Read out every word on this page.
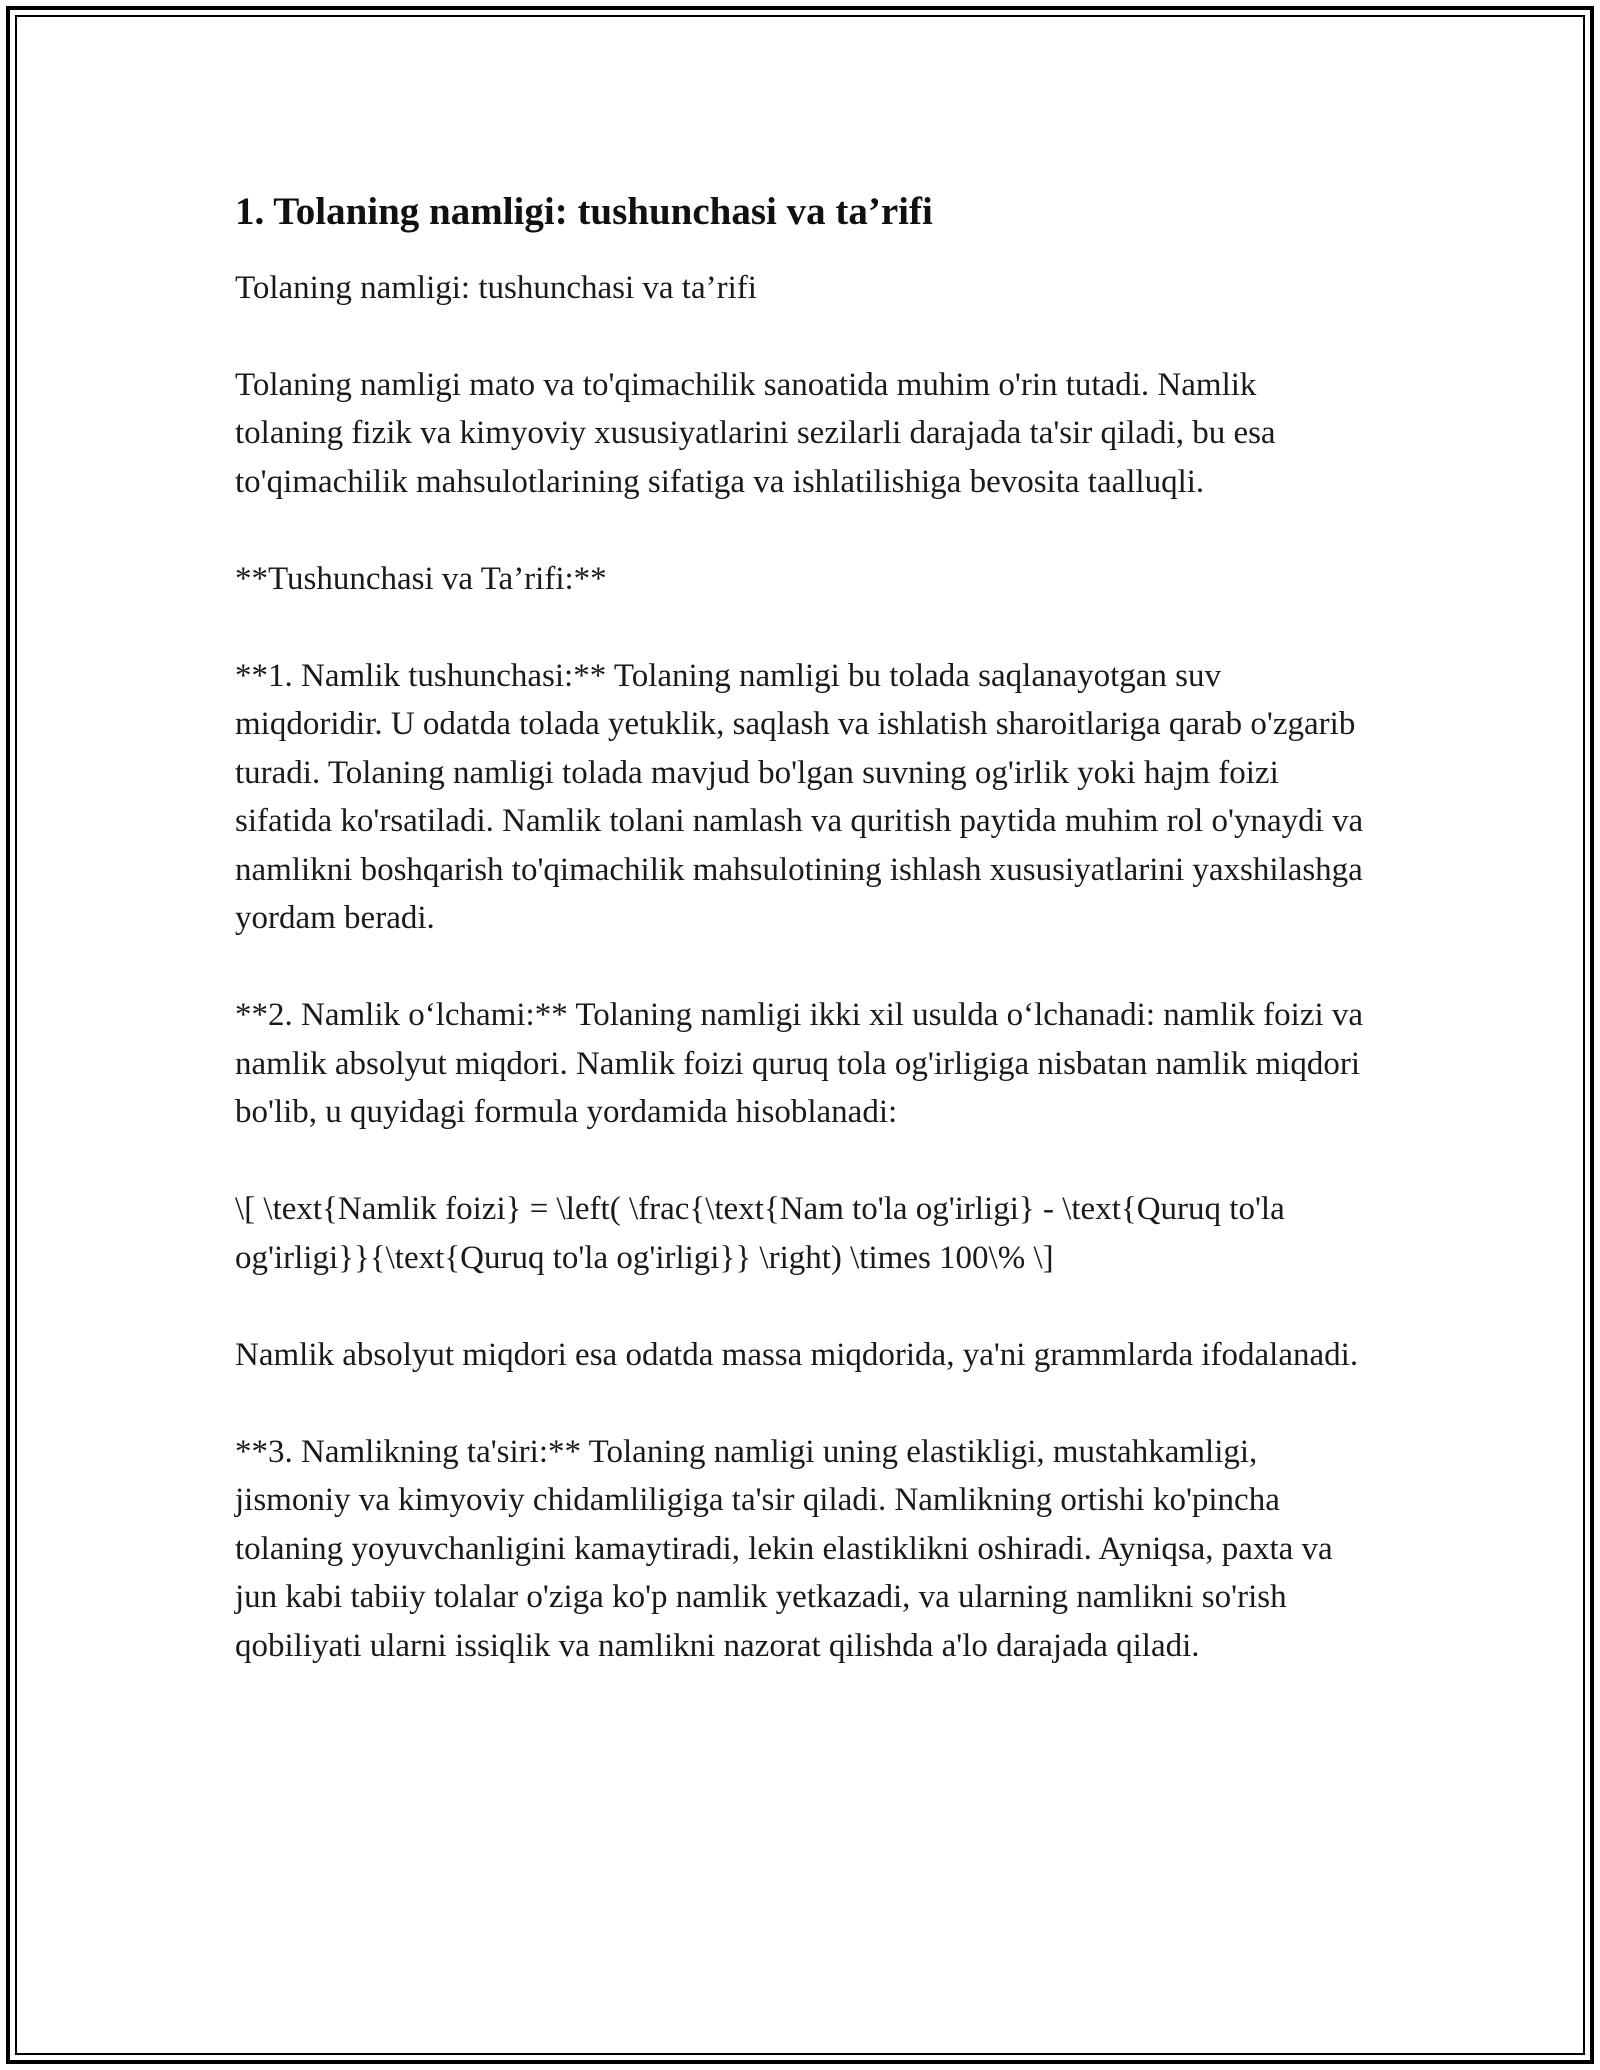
1. Tolaning namligi: tushunchasi va ta’rifi

Tolaning namligi: tushunchasi va ta’rifi

Tolaning namligi mato va to'qimachilik sanoatida muhim o'rin tutadi. Namlik tolaning fizik va kimyoviy xususiyatlarini sezilarli darajada ta'sir qiladi, bu esa to'qimachilik mahsulotlarining sifatiga va ishlatilishiga bevosita taalluqli.

**Tushunchasi va Ta’rifi:**

**1. Namlik tushunchasi:** Tolaning namligi bu tolada saqlanayotgan suv miqdoridir. U odatda tolada yetuklik, saqlash va ishlatish sharoitlariga qarab o'zgarib turadi. Tolaning namligi tolada mavjud bo'lgan suvning og'irlik yoki hajm foizi sifatida ko'rsatiladi. Namlik tolani namlash va quritish paytida muhim rol o'ynaydi va namlikni boshqarish to'qimachilik mahsulotining ishlash xususiyatlarini yaxshilashga yordam beradi.

**2. Namlik o‘lchami:** Tolaning namligi ikki xil usulda o‘lchanadi: namlik foizi va namlik absolyut miqdori. Namlik foizi quruq tola og'irligiga nisbatan namlik miqdori bo'lib, u quyidagi formula yordamida hisoblanadi:

\[ \text{Namlik foizi} = \left( \frac{\text{Nam to'la og'irligi} - \text{Quruq to'la og'irligi}}{\text{Quruq to'la og'irligi}} \right) \times 100\% \]

Namlik absolyut miqdori esa odatda massa miqdorida, ya'ni grammlarda ifodalanadi.

**3. Namlikning ta'siri:** Tolaning namligi uning elastikligi, mustahkamligi, jismoniy va kimyoviy chidamliligiga ta'sir qiladi. Namlikning ortishi ko'pincha tolaning yoyuvchanligini kamaytiradi, lekin elastiklikni oshiradi. Ayniqsa, paxta va jun kabi tabiiy tolalar o'ziga ko'p namlik yetkazadi, va ularning namlikni so'rish qobiliyati ularni issiqlik va namlikni nazorat qilishda a'lo darajada qiladi.
